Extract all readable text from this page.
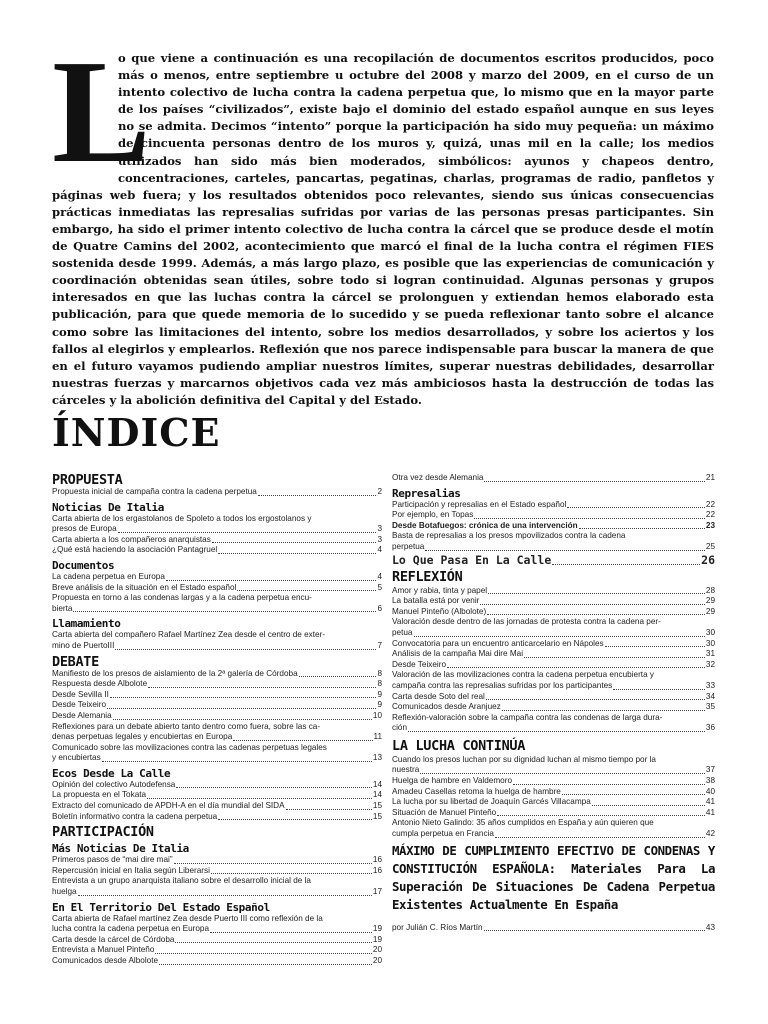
L

o que viene a continuación es una recopilación de documentos escritos producidos, poco más o menos, entre septiembre u octubre del 2008 y marzo del 2009, en el curso de un intento colectivo de lucha contra la cadena perpetua que, lo mismo que en la mayor parte de los países “civilizados”, existe bajo el dominio del estado español aunque en sus leyes no se admita. Decimos “intento” porque la participación ha sido muy pequeña: un máximo de cincuenta personas dentro de los muros y, quizá, unas mil en la calle; los medios utilizados han sido más bien moderados, simbólicos: ayunos y chapeos dentro, concentraciones, carteles, pancartas, pegatinas, charlas, programas de radio, panfletos y páginas web fuera; y los resultados obtenidos poco relevantes, siendo sus únicas consecuencias prácticas inmediatas las represalias sufridas por varias de las personas presas participantes. Sin embargo, ha sido el primer intento colectivo de lucha contra la cárcel que se produce desde el motín de Quatre Camins del 2002, acontecimiento que marcó el final de la lucha contra el régimen FIES sostenida desde 1999. Además, a más largo plazo, es posible que las experiencias de comunicación y coordinación obtenidas sean útiles, sobre todo si logran continuidad. Algunas personas y grupos interesados en que las luchas contra la cárcel se prolonguen y extiendan hemos elaborado esta publicación, para que quede memoria de lo sucedido y se pueda reflexionar tanto sobre el alcance como sobre las limitaciones del intento, sobre los medios desarrollados, y sobre los aciertos y los fallos al elegirlos y emplearlos. Reflexión que nos parece indispensable para buscar la manera de que en el futuro vayamos pudiendo ampliar nuestros límites, superar nuestras debilidades, desarrollar nuestras fuerzas y marcarnos objetivos cada vez más ambiciosos hasta la destrucción de todas las cárceles y la abolición definitiva del Capital y del Estado.

ÍNDICE
PROPUESTA
Propuesta inicial de campaña contra la cadena perpetua	2
Noticias De Italia
Carta abierta de los ergastolanos de Spoleto a todos los ergostolanos y
presos de Europa	3
Carta abierta a los compañeros anarquistas	3
¿Qué está haciendo la asociación Pantagruel	4
Documentos
La cadena perpetua en Europa	4
Breve análisis de la situación en el Estado español	5
Propuesta en torno a las condenas largas y a la cadena perpetua encu-
bierta	6
Llamamiento
Carta abierta del compañero Rafael Martínez Zea desde el centro de exter-
mino de PuertoIII	7
DEBATE
Manifiesto de los presos de aislamiento de la 2ª galería de Córdoba	8
Respuesta desde Albolote	8
Desde Sevilla II	9
Desde Teixeiro	9
Desde Alemania	10
Reflexiones para un debate abierto tanto dentro como fuera, sobre las ca-
denas perpetuas legales y encubiertas en Europa	11
Comunicado sobre las movilizaciones contra las cadenas perpetuas legales
y encubiertas	13
Ecos Desde La Calle
Opinión del colectivo Autodefensa	14
La propuesta en el Tokata	14
Extracto del comunicado de APDH-A en el día mundial del SIDA	15
Boletín informativo contra la cadena perpetua	15
PARTICIPACIÓN
Más Noticias De Italia
Primeros pasos de “mai dire mai”	16
Repercusión inicial en Italia según Liberarsi	16
Entrevista a un grupo anarquista italiano sobre el desarrollo inicial de la
huelga	17
En El Territorio Del Estado Español
Carta abierta de Rafael martínez Zea desde Puerto III como reflexión de la
lucha contra la cadena perpetua en Europa	19
Carta desde la cárcel de Córdoba	19
Entrevista a Manuel Pinteño	20
Comunicados desde Albolote	20
Otra vez desde Alemania	21
Represalias
Participación y represalias en el Estado español	22
Por ejemplo, en Topas	22
Desde Botafuegos: crónica de una intervención	23
Basta de represalias a los presos mpovilizados contra la cadena
perpetua	25
Lo Que Pasa En La Calle	26
REFLEXIÓN
Amor y rabia, tinta y papel	28
La batalla está por venir	29
Manuel Pinteño (Albolote)	29
Valoración desde dentro de las jornadas de protesta contra la cadena per-
petua	30
Convocatoria para un encuentro anticarcelario en Nápoles	30
Análisis de la campaña Mai dire Mai	31
Desde Teixeiro	32
Valoración de las movilizaciones contra la cadena perpetua encubierta y
campaña contra las represalias sufridas por los participantes	33
Carta desde Soto del real	34
Comunicados desde Aranjuez	35
Reflexión-valoración sobre la campaña contra las condenas de larga dura-
ción	36
LA LUCHA CONTINÚA
Cuando los presos luchan por su dignidad luchan al mismo tiempo por la
nuestra	37
Huelga de hambre en Valdemoro	38
Amadeu Casellas retoma la huelga de hambre	40
La lucha por su libertad de Joaquín Garcés Villacampa	41
Situación de Manuel Pinteño	41
Antonio Nieto Galindo: 35 años cumplidos en España y aún quieren que
cumpla perpetua en Francia	42
MÁXIMO DE CUMPLIMIENTO EFECTIVO DE CONDENAS Y CONSTITUCIÓN ESPAÑOLA: Materiales Para La Superación De Situaciones De Cadena Perpetua Existentes Actualmente En España
por Julián C. Ríos Martín	43
